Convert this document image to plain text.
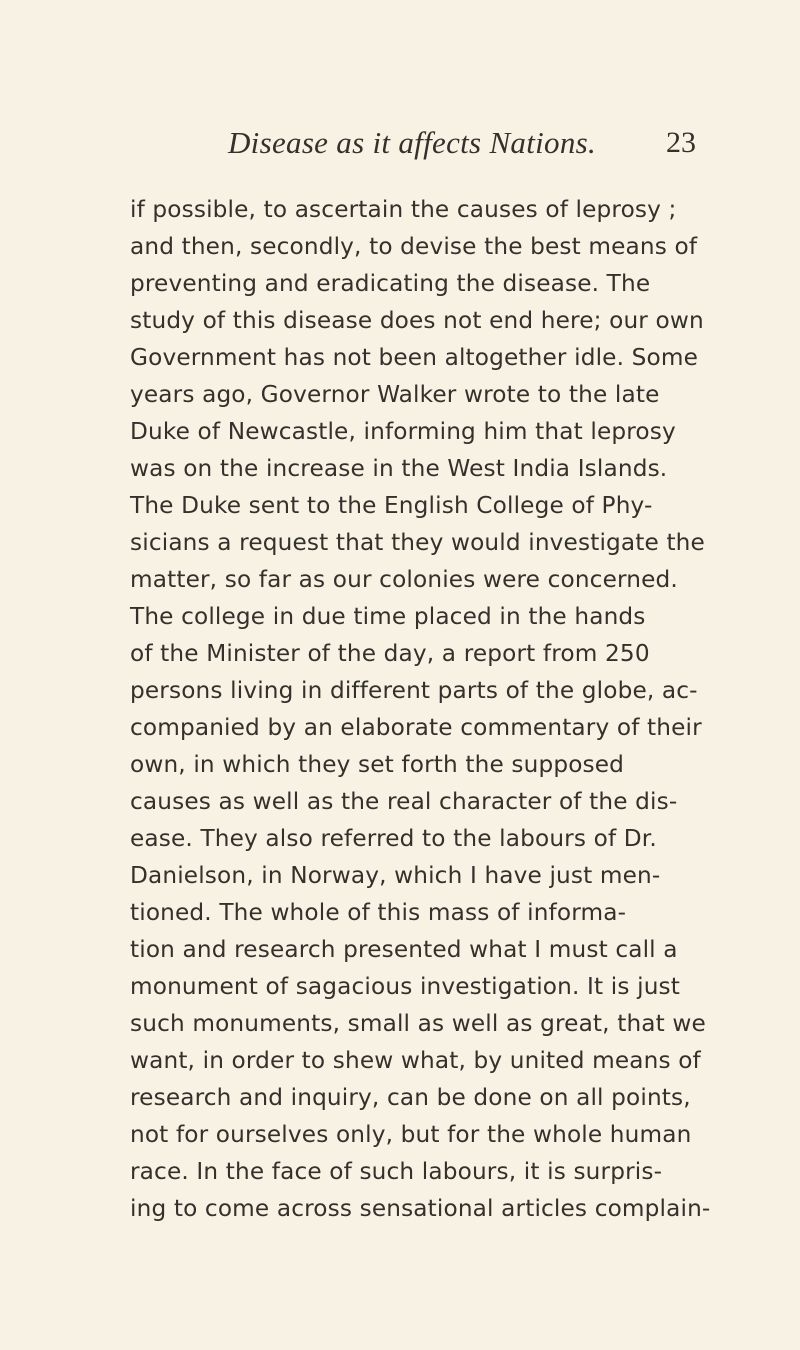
Disease as it affects Nations. 23
if possible, to ascertain the causes of leprosy ;
and then, secondly, to devise the best means of
preventing and eradicating the disease. The
study of this disease does not end here; our own
Government has not been altogether idle. Some
years ago, Governor Walker wrote to the late
Duke of Newcastle, informing him that leprosy
was on the increase in the West India Islands.
The Duke sent to the English College of Phy-
sicians a request that they would investigate the
matter, so far as our colonies were concerned.
The college in due time placed in the hands
of the Minister of the day, a report from 250
persons living in different parts of the globe, ac-
companied by an elaborate commentary of their
own, in which they set forth the supposed
causes as well as the real character of the dis-
ease. They also referred to the labours of Dr.
Danielson, in Norway, which I have just men-
tioned. The whole of this mass of informa-
tion and research presented what I must call a
monument of sagacious investigation. It is just
such monuments, small as well as great, that we
want, in order to shew what, by united means of
research and inquiry, can be done on all points,
not for ourselves only, but for the whole human
race. In the face of such labours, it is surpris-
ing to come across sensational articles complain-
